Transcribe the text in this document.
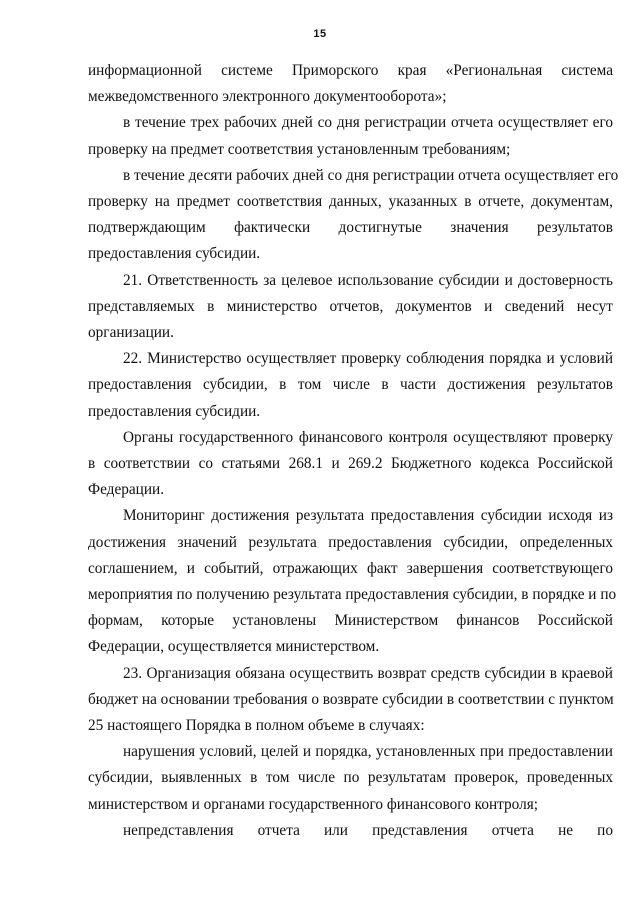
15

информационной системе Приморского края «Региональная система
межведомственного электронного документооборота»;

в течение трех рабочих дней со дня регистрации отчета осуществляет его
проверку на предмет соответствия установленным требованиям;

в течение десяти рабочих дней со дня регистрации отчета осуществляет его
проверку на предмет соответствия данных, указанных в отчете, документам,
подтверждающим фактически достигнутые значения результатов
предоставления субсидии.

21. Ответственность за целевое использование субсидии и достоверность
представляемых в министерство отчетов, документов и сведений несут
организации.

22. Министерство осуществляет проверку соблюдения порядка и условий
предоставления субсидии, в том числе в части достижения результатов
предоставления субсидии.

Органы государственного финансового контроля осуществляют проверку
в соответствии со статьями 268.1 и 269.2 Бюджетного кодекса Российской
Федерации.

Мониторинг достижения результата предоставления субсидии исходя из
достижения значений результата предоставления субсидии, определенных
соглашением, и событий, отражающих факт завершения соответствующего
мероприятия по получению результата предоставления субсидии, в порядке и по
формам, которые установлены Министерством финансов Российской
Федерации, осуществляется министерством.

23. Организация обязана осуществить возврат средств субсидии в краевой
бюджет на основании требования о возврате субсидии в соответствии с пунктом
25 настоящего Порядка в полном объеме в случаях:

нарушения условий, целей и порядка, установленных при предоставлении
субсидии, выявленных в том числе по результатам проверок, проведенных
министерством и органами государственного финансового контроля;

непредставления отчета или представления отчета не по
